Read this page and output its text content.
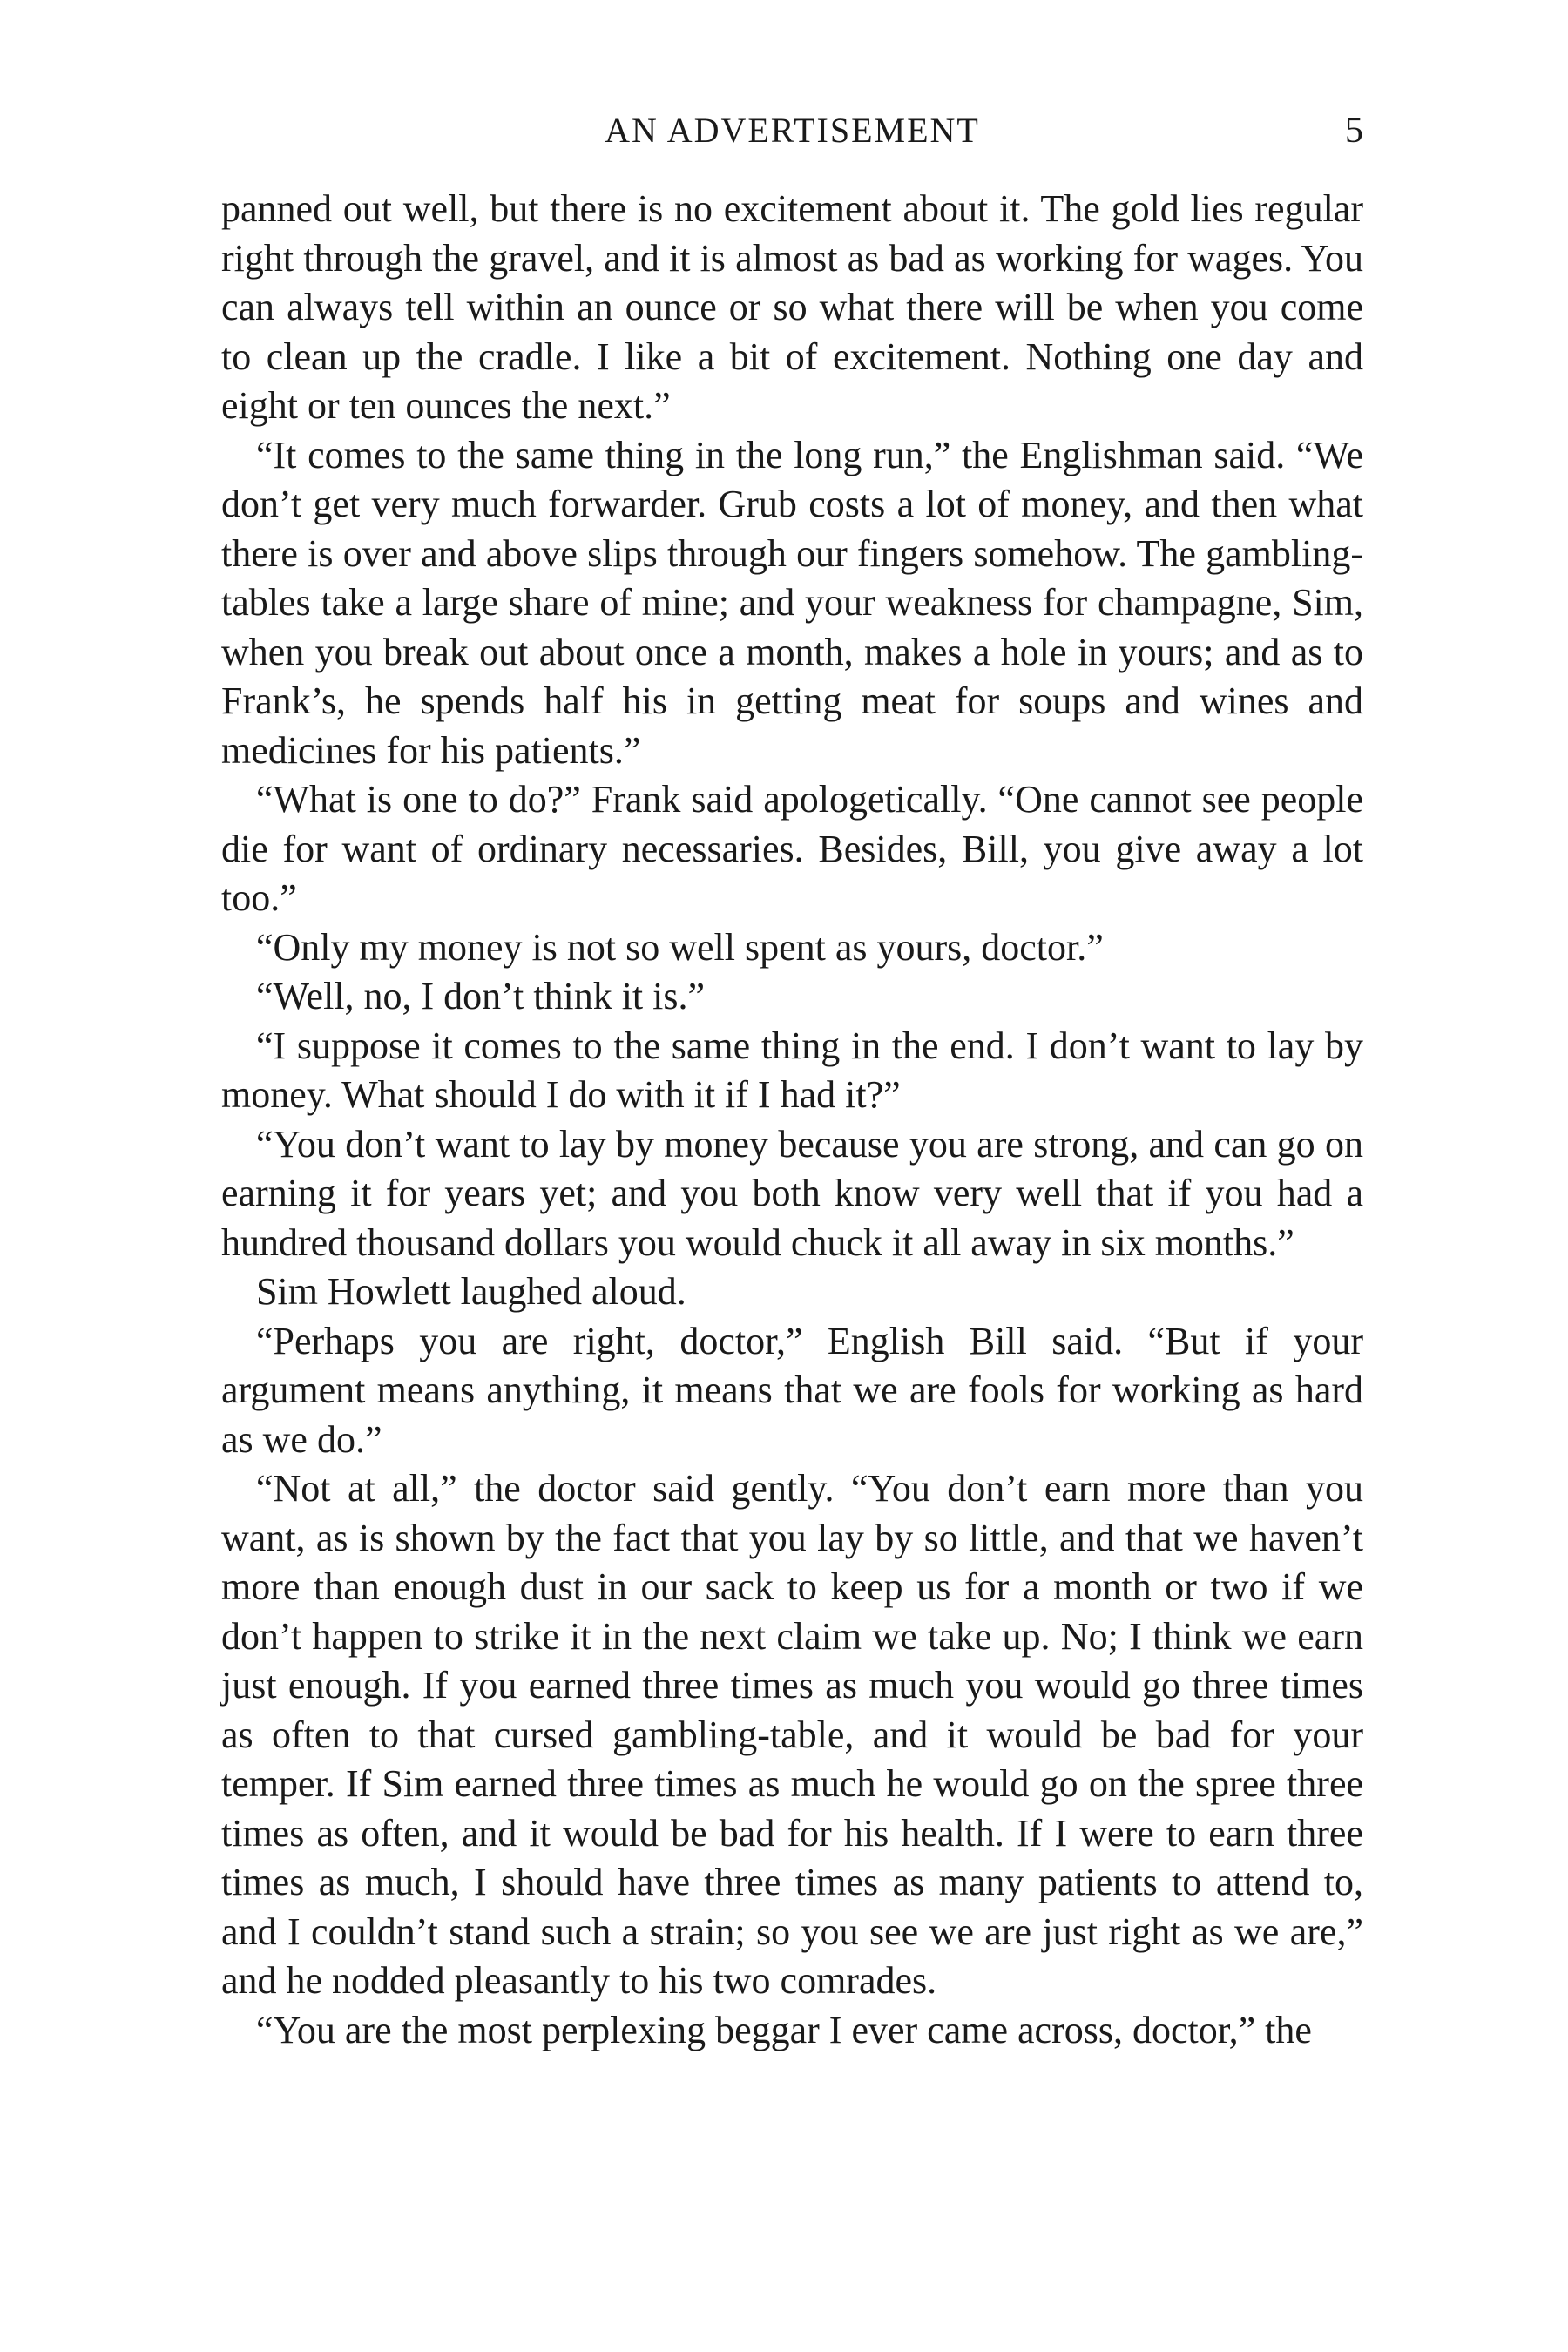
AN ADVERTISEMENT	5

panned out well, but there is no excitement about it. The gold lies regular right through the gravel, and it is almost as bad as working for wages. You can always tell within an ounce or so what there will be when you come to clean up the cradle. I like a bit of excitement. Nothing one day and eight or ten ounces the next.”

“It comes to the same thing in the long run,” the Englishman said. “We don’t get very much forwarder. Grub costs a lot of money, and then what there is over and above slips through our fingers somehow. The gambling-tables take a large share of mine; and your weakness for champagne, Sim, when you break out about once a month, makes a hole in yours; and as to Frank’s, he spends half his in getting meat for soups and wines and medicines for his patients.”

“What is one to do?” Frank said apologetically. “One cannot see people die for want of ordinary necessaries. Besides, Bill, you give away a lot too.”

“Only my money is not so well spent as yours, doctor.”

“Well, no, I don’t think it is.”

“I suppose it comes to the same thing in the end. I don’t want to lay by money. What should I do with it if I had it?”

“You don’t want to lay by money because you are strong, and can go on earning it for years yet; and you both know very well that if you had a hundred thousand dollars you would chuck it all away in six months.”

Sim Howlett laughed aloud.

“Perhaps you are right, doctor,” English Bill said. “But if your argument means anything, it means that we are fools for working as hard as we do.”

“Not at all,” the doctor said gently. “You don’t earn more than you want, as is shown by the fact that you lay by so little, and that we haven’t more than enough dust in our sack to keep us for a month or two if we don’t happen to strike it in the next claim we take up. No; I think we earn just enough. If you earned three times as much you would go three times as often to that cursed gambling-table, and it would be bad for your temper. If Sim earned three times as much he would go on the spree three times as often, and it would be bad for his health. If I were to earn three times as much, I should have three times as many patients to attend to, and I couldn’t stand such a strain; so you see we are just right as we are,” and he nodded pleasantly to his two comrades.

“You are the most perplexing beggar I ever came across, doctor,” the
